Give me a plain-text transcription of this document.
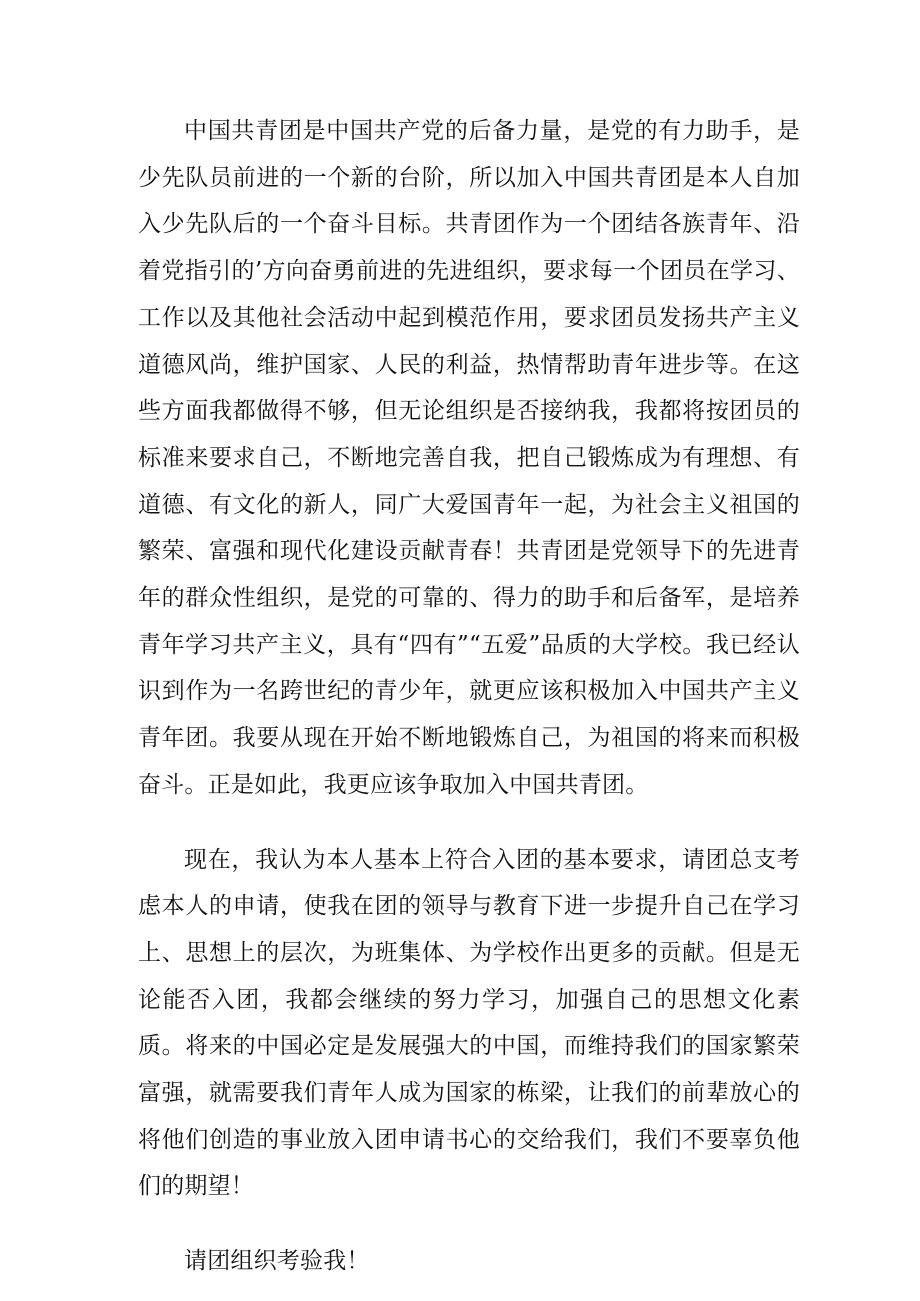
中国共青团是中国共产党的后备力量，是党的有力助手，是少先队员前进的一个新的台阶，所以加入中国共青团是本人自加入少先队后的一个奋斗目标。共青团作为一个团结各族青年、沿着党指引的’方向奋勇前进的先进组织，要求每一个团员在学习、工作以及其他社会活动中起到模范作用，要求团员发扬共产主义道德风尚，维护国家、人民的利益，热情帮助青年进步等。在这些方面我都做得不够，但无论组织是否接纳我，我都将按团员的标准来要求自己，不断地完善自我，把自己锻炼成为有理想、有道德、有文化的新人，同广大爱国青年一起，为社会主义祖国的繁荣、富强和现代化建设贡献青春！共青团是党领导下的先进青年的群众性组织，是党的可靠的、得力的助手和后备军，是培养青年学习共产主义，具有“四有”“五爱”品质的大学校。我已经认识到作为一名跨世纪的青少年，就更应该积极加入中国共产主义青年团。我要从现在开始不断地锻炼自己，为祖国的将来而积极奋斗。正是如此，我更应该争取加入中国共青团。

现在，我认为本人基本上符合入团的基本要求，请团总支考虑本人的申请，使我在团的领导与教育下进一步提升自己在学习上、思想上的层次，为班集体、为学校作出更多的贡献。但是无论能否入团，我都会继续的努力学习，加强自己的思想文化素质。将来的中国必定是发展强大的中国，而维持我们的国家繁荣富强，就需要我们青年人成为国家的栋梁，让我们的前辈放心的将他们创造的事业放入团申请书心的交给我们，我们不要辜负他们的期望！

请团组织考验我！
